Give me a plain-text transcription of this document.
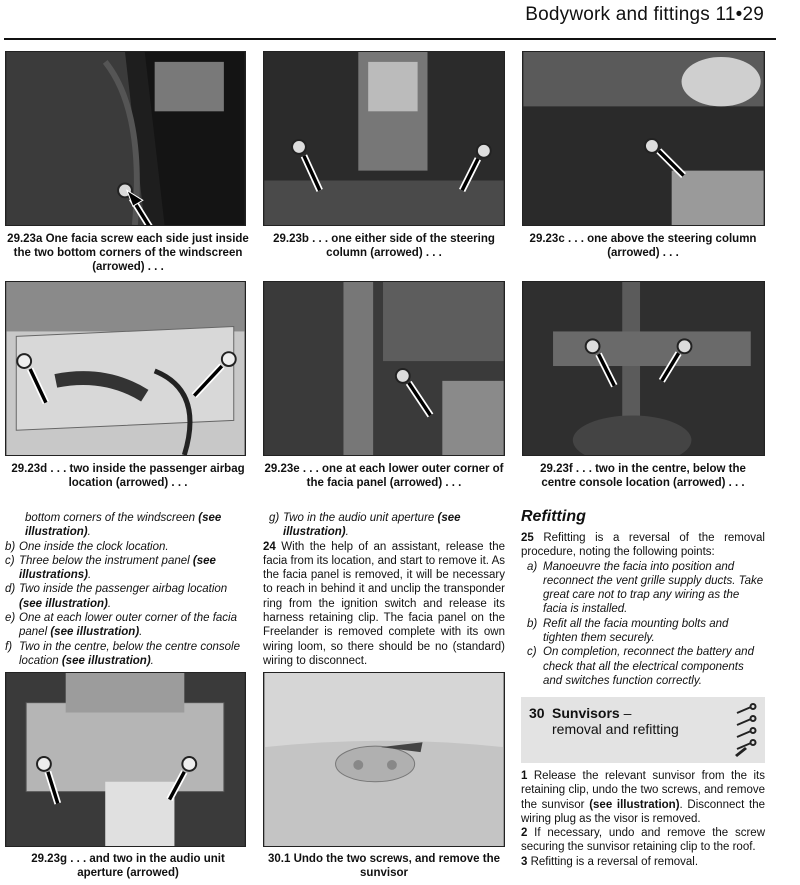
Bodywork and fittings 11•29
29.23a One facia screw each side just inside the two bottom corners of the windscreen (arrowed) . . .
29.23b . . . one either side of the steering column (arrowed) . . .
29.23c . . . one above the steering column (arrowed) . . .
29.23d . . . two inside the passenger airbag location (arrowed) . . .
29.23e . . . one at each lower outer corner of the facia panel (arrowed) . . .
29.23f . . . two in the centre, below the centre console location (arrowed) . . .

bottom corners of the windscreen (see illustration).

b) One inside the clock location.
c) Three below the instrument panel (see illustrations).
d) Two inside the passenger airbag location (see illustration).
e) One at each lower outer corner of the facia panel (see illustration).
f) Two in the centre, below the centre console location (see illustration).
g) Two in the audio unit aperture (see illustration).

24 With the help of an assistant, release the facia from its location, and start to remove it. As the facia panel is removed, it will be necessary to reach in behind it and unclip the transponder ring from the ignition switch and release its harness retaining clip. The facia panel on the Freelander is removed complete with its own wiring loom, so there should be no (standard) wiring to disconnect.

Refitting

25 Refitting is a reversal of the removal procedure, noting the following points:

a) Manoeuvre the facia into position and reconnect the vent grille supply ducts. Take great care not to trap any wiring as the facia is installed.
b) Refit all the facia mounting bolts and tighten them securely.
c) On completion, reconnect the battery and check that all the electrical components and switches function correctly.
30 Sunvisors –
removal and refitting

1 Release the relevant sunvisor from the its retaining clip, undo the two screws, and remove the sunvisor (see illustration). Disconnect the wiring plug as the visor is removed.

2 If necessary, undo and remove the screw securing the sunvisor retaining clip to the roof.

3 Refitting is a reversal of removal.

29.23g . . . and two in the audio unit aperture (arrowed)
30.1 Undo the two screws, and remove the sunvisor
